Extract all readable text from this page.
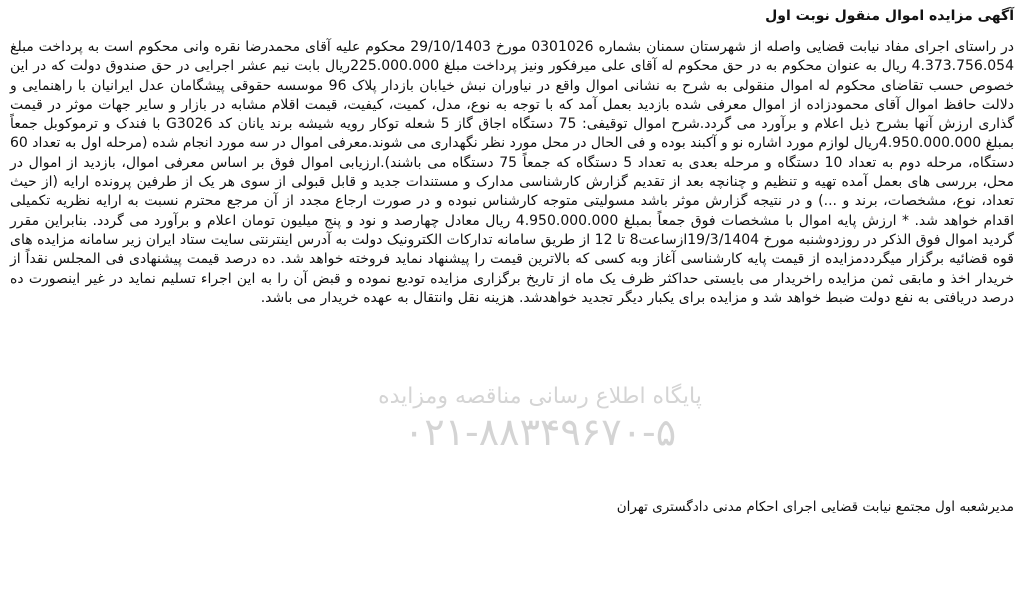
آگهی مزایده اموال منقول نوبت اول

در راستای اجرای مفاد نیابت قضایی واصله از شهرستان سمنان بشماره 0301026 مورخ 29/10/1403 محکوم علیه آقای محمدرضا نقره وانی محکوم است به پرداخت مبلغ 4.373.756.054 ریال به عنوان محکوم به در حق محکوم له آقای علی میرفکور ونیز پرداخت مبلغ 225.000.000ریال بابت نیم عشر اجرایی در حق صندوق دولت که در این خصوص حسب تقاضای محکوم له اموال منقولی به شرح به نشانی اموال واقع در نیاوران نبش خیابان بازدار پلاک 96 موسسه حقوقی پیشگامان عدل ایرانیان با راهنمایی و دلالت حافظ اموال آقای محمودزاده از اموال معرفی شده بازدید بعمل آمد که با توجه به نوع، مدل، کمیت، کیفیت، قیمت اقلام مشابه در بازار و سایر جهات موثر در قیمت گذاری ارزش آنها بشرح ذیل اعلام و برآورد می گردد.شرح اموال توقیفی: 75 دستگاه اجاق گاز 5 شعله توکار رویه شیشه برند یانان کد G3026 با فندک و ترموکوبل جمعاً بمبلغ 4.950.000.000ریال لوازم مورد اشاره نو و آکبند بوده و فی الحال در محل مورد نظر نگهداری می شوند.معرفی اموال در سه مورد انجام شده (مرحله اول به تعداد 60 دستگاه، مرحله دوم به تعداد 10 دستگاه و مرحله بعدی به تعداد 5 دستگاه که جمعاً 75 دستگاه می باشند).ارزیابی اموال فوق بر اساس معرفی اموال، بازدید از اموال در محل، بررسی های بعمل آمده تهیه و تنظیم و چنانچه بعد از تقدیم گزارش کارشناسی مدارک و مستندات جدید و قابل قبولی از سوی هر یک از طرفین پرونده ارایه (از حیث تعداد، نوع، مشخصات، برند و ...) و در نتیجه گزارش موثر باشد مسولیتی متوجه کارشناس نبوده و در صورت ارجاع مجدد از آن مرجع محترم نسبت به ارایه نظریه تکمیلی اقدام خواهد شد. * ارزش پایه اموال با مشخصات فوق جمعاً بمبلغ 4.950.000.000 ریال معادل چهارصد و نود و پنج میلیون تومان اعلام و برآورد می گردد. بنابراین مقرر گردید اموال فوق الذکر در روزدوشنبه مورخ 19/3/1404ازساعت8 تا 12 از طریق سامانه تدارکات الکترونیک دولت به آدرس اینترنتی سایت ستاد ایران زیر سامانه مزایده های قوه قضائیه برگزار میگرددمزایده از قیمت پایه کارشناسی آغاز وبه کسی که بالاترین قیمت را پیشنهاد نماید فروخته خواهد شد. ده درصد قیمت پیشنهادی فی المجلس نقداً از خریدار اخذ و مابقی ثمن مزایده راخریدار می بایستی حداکثر ظرف یک ماه از تاریخ برگزاری مزایده تودیع نموده و قبض آن را به این اجراء تسلیم نماید در غیر اینصورت ده درصد دریافتی به نفع دولت ضبط خواهد شد و مزایده برای یکبار دیگر تجدید خواهدشد. هزینه نقل وانتقال به عهده خریدار می باشد.

پایگاه اطلاع رسانی مناقصه ومزایده
۰۲۱-۸۸۳۴۹۶۷۰-۵
مدیرشعبه اول مجتمع نیابت قضایی اجرای احکام مدنی دادگستری تهران
